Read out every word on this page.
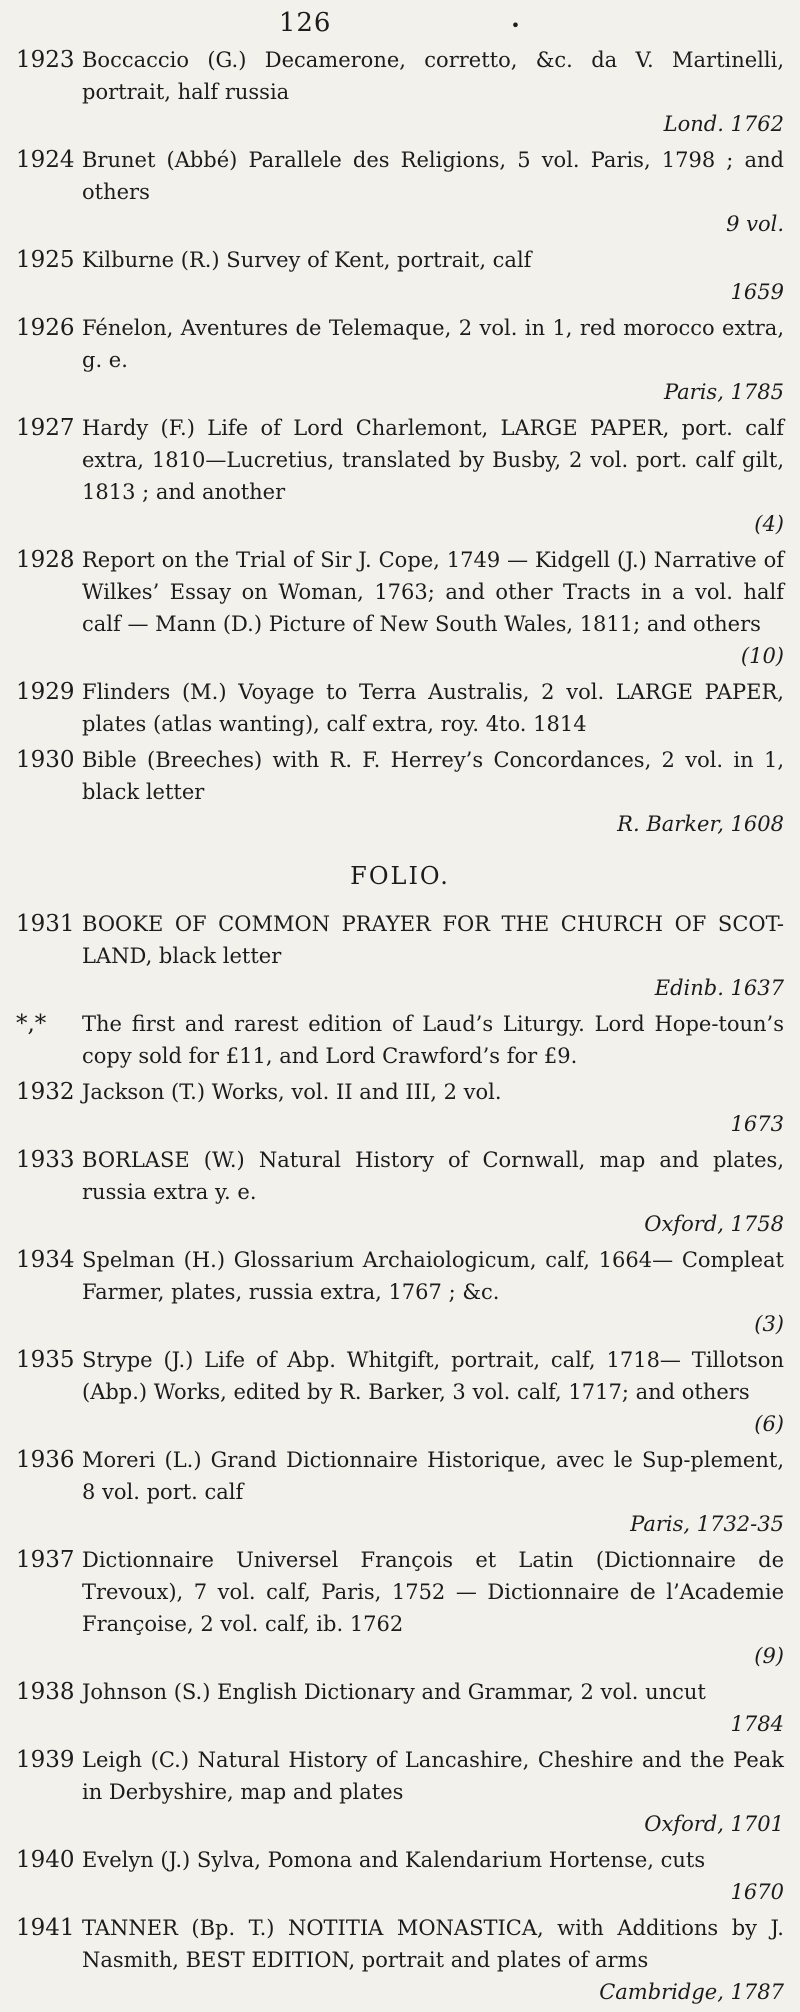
126	•
1923 Boccaccio (G.) Decamerone, corretto, &c. da V. Martinelli, portrait, half russia
Lond. 1762
1924 Brunet (Abbé) Parallele des Religions, 5 vol. Paris, 1798 ; and others
9 vol.
1925 Kilburne (R.) Survey of Kent, portrait, calf
1659
1926 Fénelon, Aventures de Telemaque, 2 vol. in 1, red morocco extra, g. e.
Paris, 1785
1927 Hardy (F.) Life of Lord Charlemont, LARGE PAPER, port. calf extra, 1810—Lucretius, translated by Busby, 2 vol. port. calf gilt, 1813 ; and another
(4)
1928 Report on the Trial of Sir J. Cope, 1749 — Kidgell (J.) Narrative of Wilkes’ Essay on Woman, 1763; and other Tracts in a vol. half calf — Mann (D.) Picture of New South Wales, 1811; and others
(10)
1929 Flinders (M.) Voyage to Terra Australis, 2 vol. LARGE PAPER, plates (atlas wanting), calf extra, roy. 4to. 1814
1930 Bible (Breeches) with R. F. Herrey’s Concordances, 2 vol. in 1, black letter
R. Barker, 1608
FOLIO.
1931 BOOKE OF COMMON PRAYER FOR THE CHURCH OF SCOT-LAND, black letter
Edinb. 1637
*,* The first and rarest edition of Laud’s Liturgy. Lord Hope-toun’s copy sold for £11, and Lord Crawford’s for £9.
1932 Jackson (T.) Works, vol. II and III, 2 vol.
1673
1933 BORLASE (W.) Natural History of Cornwall, map and plates, russia extra y. e.
Oxford, 1758
1934 Spelman (H.) Glossarium Archaiologicum, calf, 1664— Compleat Farmer, plates, russia extra, 1767 ; &c.
(3)
1935 Strype (J.) Life of Abp. Whitgift, portrait, calf, 1718— Tillotson (Abp.) Works, edited by R. Barker, 3 vol. calf, 1717; and others
(6)
1936 Moreri (L.) Grand Dictionnaire Historique, avec le Sup-plement, 8 vol. port. calf
Paris, 1732-35
1937 Dictionnaire Universel François et Latin (Dictionnaire de Trevoux), 7 vol. calf, Paris, 1752 — Dictionnaire de l’Academie Françoise, 2 vol. calf, ib. 1762
(9)
1938 Johnson (S.) English Dictionary and Grammar, 2 vol. uncut
1784
1939 Leigh (C.) Natural History of Lancashire, Cheshire and the Peak in Derbyshire, map and plates
Oxford, 1701
1940 Evelyn (J.) Sylva, Pomona and Kalendarium Hortense, cuts
1670
1941 TANNER (Bp. T.) NOTITIA MONASTICA, with Additions by J. Nasmith, BEST EDITION, portrait and plates of arms
Cambridge, 1787
